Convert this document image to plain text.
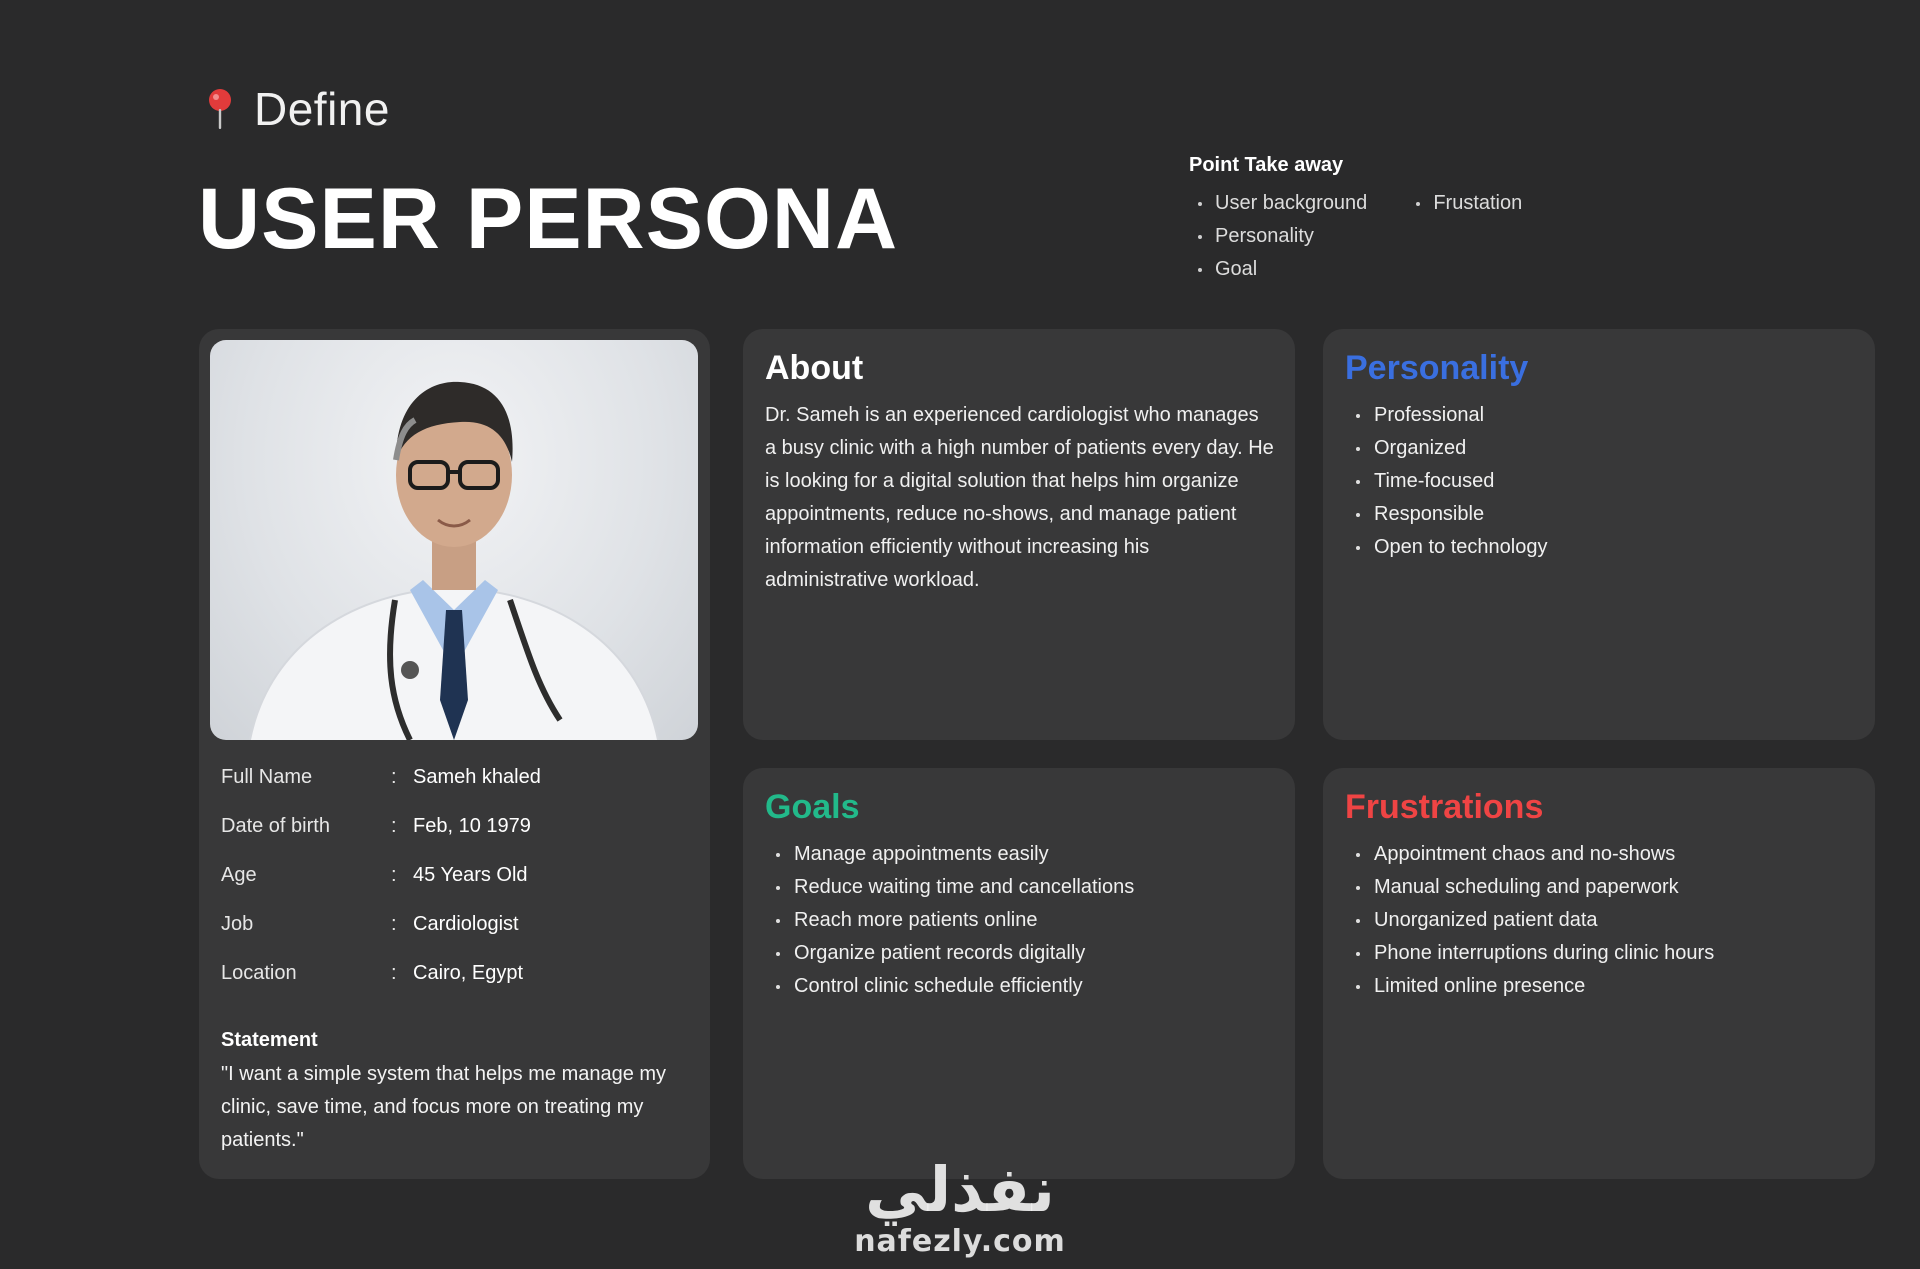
Define
USER PERSONA
Point Take away
User background
Personality
Goal
Frustation
Full Name	: Sameh khaled
Date of birth	: Feb, 10 1979
Age	: 45 Years Old
Job	: Cardiologist
Location	: Cairo, Egypt
Statement

"I want a simple system that helps me manage my clinic, save time, and focus more on treating my patients."

About

Dr. Sameh is an experienced cardiologist who manages a busy clinic with a high number of patients every day. He is looking for a digital solution that helps him organize appointments, reduce no-shows, and manage patient information efficiently without increasing his administrative workload.

Personality
Professional
Organized
Time-focused
Responsible
Open to technology
Goals
Manage appointments easily
Reduce waiting time and cancellations
Reach more patients online
Organize patient records digitally
Control clinic schedule efficiently
Frustrations
Appointment chaos and no-shows
Manual scheduling and paperwork
Unorganized patient data
Phone interruptions during clinic hours
Limited online presence
نفذلي
nafezly.com
